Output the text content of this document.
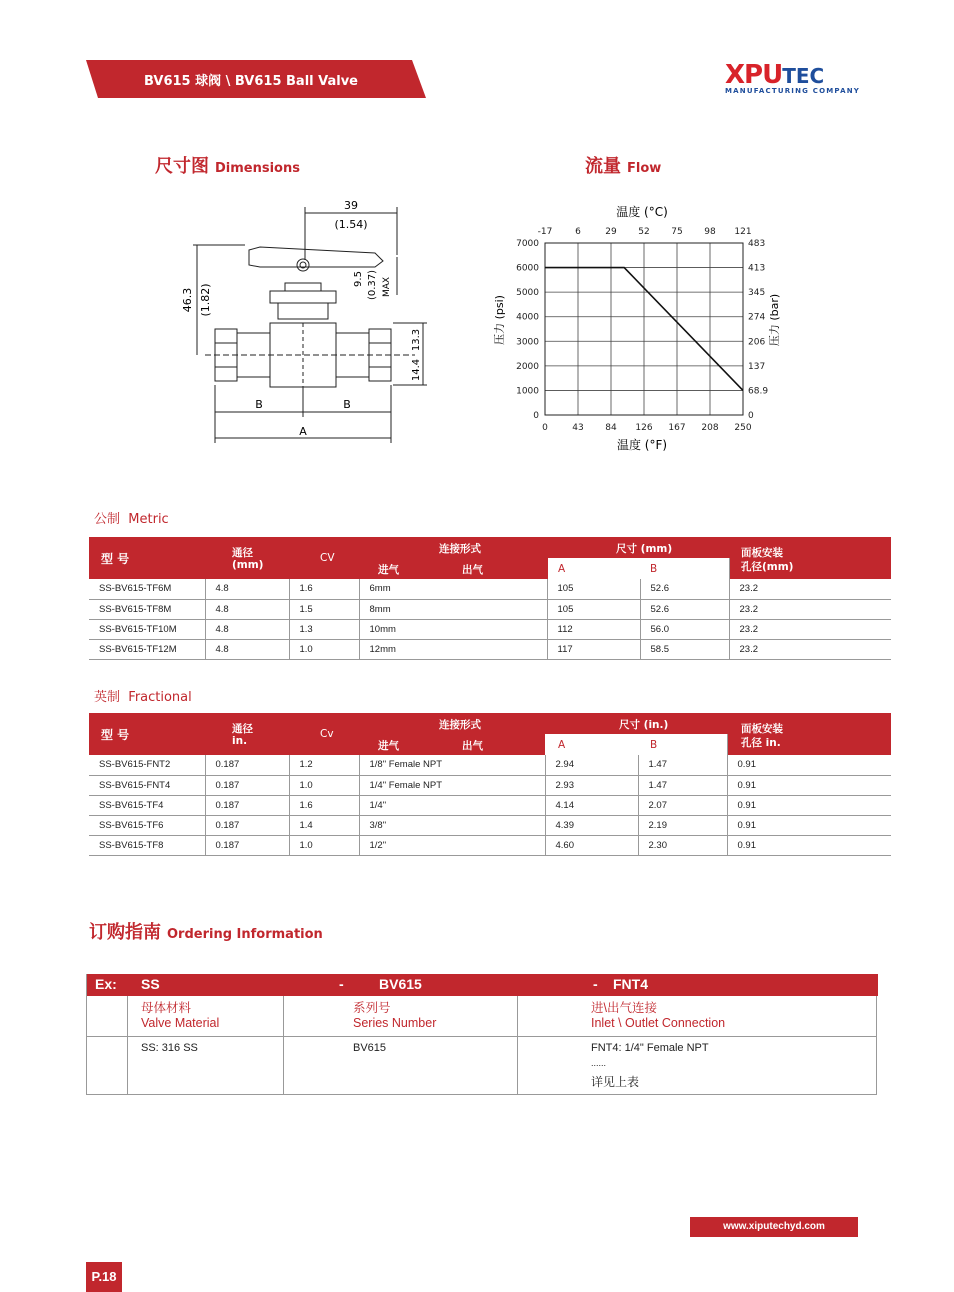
BV615 球阀 \ BV615 Ball Valve	XPUTEC
MANUFACTURING COMPANY
尺寸图 Dimensions	流量 Flow
39
(1.54)
46.3 (1.82)
9.5 (0.37) MAX
13.3
14.4
B	B
A	0	43 84 126 167 208 250
-17	6	29 52 75 98 121
0
1000
2000
3000
4000
5000
6000
7000
0
68.9
137
206
274
345
413
483
温度 (°C)
温度 (°F)
压力 (psi)	压力 (bar)
公制 Metric
型 号	通径
(mm)
CV
连接形式
进气	出气
尺寸 (mm)
A	B
面板安装
孔径(mm)
SS-BV615-TF6M	4.8	1.6	6mm	105	52.6	23.2
SS-BV615-TF8M	4.8	1.5	8mm	105	52.6	23.2
SS-BV615-TF10M	4.8	1.3	10mm	112	56.0	23.2
SS-BV615-TF12M	4.8	1.0	12mm	117	58.5	23.2
英制 Fractional
型 号	通径
in.
Cv
连接形式
进气	出气
尺寸 (in.)
A	B
面板安装
孔径 in.
SS-BV615-FNT2	0.187	1.2	1/8" Female NPT	2.94	1.47	0.91
SS-BV615-FNT4	0.187	1.0	1/4" Female NPT	2.93	1.47	0.91
SS-BV615-TF4	0.187	1.6	1/4"	4.14	2.07	0.91
SS-BV615-TF6	0.187	1.4	3/8"	4.39	2.19	0.91
SS-BV615-TF8	0.187	1.0	1/2"	4.60	2.30	0.91
订购指南 Ordering Information
Ex: SS	-	BV615	- FNT4
母体材料
Valve Material
系列号
Series Number
进\出气连接
Inlet \ Outlet Connection
SS: 316 SS	BV615	FNT4: 1/4" Female NPT
......
详见上表
www.xiputechyd.com
P.18
